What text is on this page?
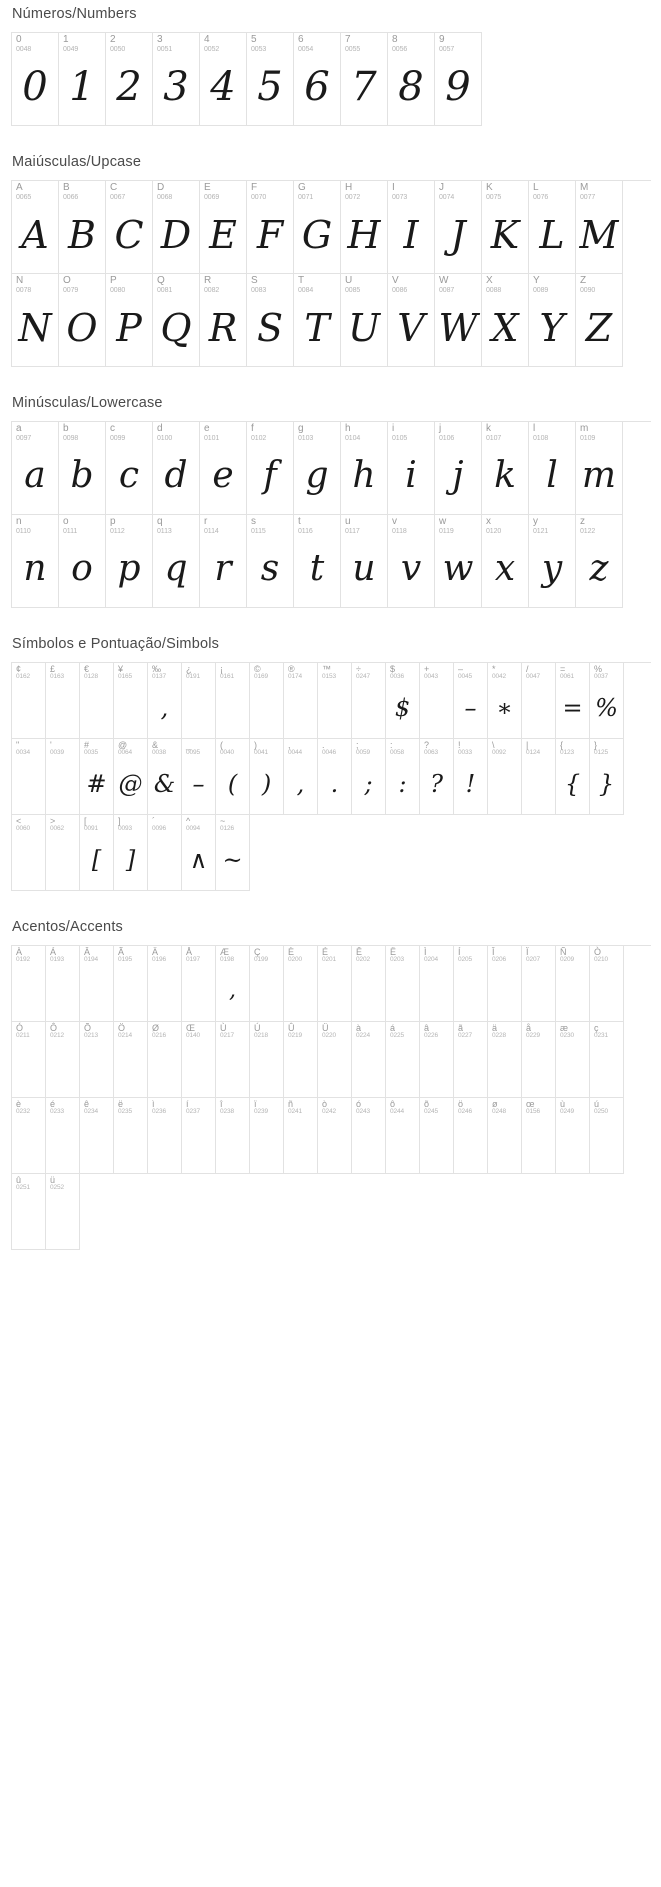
Números/Numbers
0
0048
0
1
0049
1
2
0050
2
3
0051
3
4
0052
4
5
0053
5
6
0054
6
7
0055
7
8
0056
8
9
0057
9
Maiúsculas/Upcase
A
0065
A
B
0066
B
C
0067
C
D
0068
D
E
0069
E
F
0070
F
G
0071
G
H
0072
H
I
0073
I
J
0074
J
K
0075
K
L
0076
L
M
0077
M
N
0078
N
O
0079
O
P
0080
P
Q
0081
Q
R
0082
R
S
0083
S
T
0084
T
U
0085
U
V
0086
V
W
0087
W
X
0088
X
Y
0089
Y
Z
0090
Z
Minúsculas/Lowercase
a
0097
a
b
0098
b
c
0099
c
d
0100
d
e
0101
e
f
0102
f
g
0103
g
h
0104
h
i
0105
i
j
0106
j
k
0107
k
l
0108
l
m
0109
m
n
0110
n
o
0111
o
p
0112
p
q
0113
q
r
0114
r
s
0115
s
t
0116
t
u
0117
u
v
0118
v
w
0119
w
x
0120
x
y
0121
y
z
0122
z
Símbolos e Pontuação/Simbols
¢
0162
£
0163
€
0128
¥
0165
‰
0137
,
¿
0191
¡
0161
©
0169
®
0174
™
0153
÷
0247
$
0036
$
+
0043
–
0045
–
*
0042
∗
/
0047
=
0061
=
%
0037
%
"
0034
'
0039
#
0035
#
@
0064
@
&
0038
&
_
0095
–
(
0040
(
)
0041
)
,
0044
,
.
0046
.
;
0059
;
:
0058
:
?
0063
?
!
0033
!
\
0092
|
0124
{
0123
{
}
0125
}
<
0060
>
0062
[
0091
[
]
0093
]
´
0096
^
0094
∧
~
0126
~
Acentos/Accents
À
0192
Á
0193
Â
0194
Ã
0195
Ä
0196
Å
0197
Æ
0198
,
Ç
0199
È
0200
É
0201
Ê
0202
Ë
0203
Ì
0204
Í
0205
Î
0206
Ï
0207
Ñ
0209
Ò
0210
Ó
0211
Ô
0212
Õ
0213
Ö
0214
Ø
0216
Œ
0140
Ù
0217
Ú
0218
Û
0219
Ü
0220
à
0224
á
0225
â
0226
ã
0227
ä
0228
å
0229
æ
0230
ç
0231
è
0232
é
0233
ê
0234
ë
0235
ì
0236
í
0237
î
0238
ï
0239
ñ
0241
ò
0242
ó
0243
ô
0244
õ
0245
ö
0246
ø
0248
œ
0156
ù
0249
ú
0250
û
0251
ü
0252
